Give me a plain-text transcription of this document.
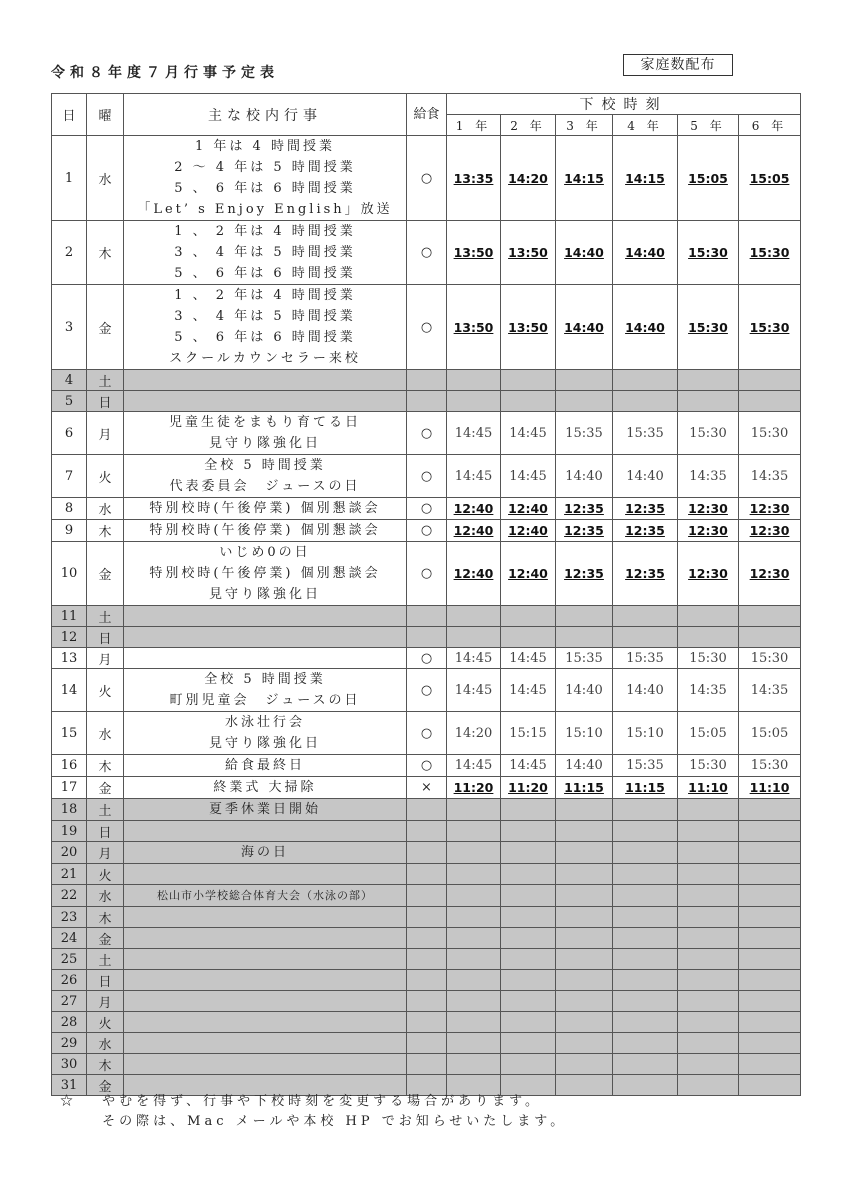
令和８年度７月行事予定表	家庭数配布
日	曜	主な校内行事	給食	下校時刻					
				1 年	2 年	3 年	4 年	5 年	6 年
1	水	1 年は 4 時間授業
2 ～ 4 年は 5 時間授業
5 、 6 年は 6 時間授業
「Let’ s Enjoy English」放送	○	13:35	14:20	14:15	14:15	15:05	15:05
2	木	1 、 2 年は 4 時間授業
3 、 4 年は 5 時間授業
5 、 6 年は 6 時間授業	○	13:50	13:50	14:40	14:40	15:30	15:30
3	金	1 、 2 年は 4 時間授業
3 、 4 年は 5 時間授業
5 、 6 年は 6 時間授業
スクールカウンセラー来校	○	13:50	13:50	14:40	14:40	15:30	15:30
4	土								
5	日								
6	月	児童生徒をまもり育てる日
見守り隊強化日	○	14:45	14:45	15:35	15:35	15:30	15:30
7	火	全校 5 時間授業
代表委員会　ジュースの日	○	14:45	14:45	14:40	14:40	14:35	14:35
8	水	特別校時(午後停業) 個別懇談会	○	12:40	12:40	12:35	12:35	12:30	12:30
9	木	特別校時(午後停業) 個別懇談会	○	12:40	12:40	12:35	12:35	12:30	12:30
10	金	いじめ0の日
特別校時(午後停業) 個別懇談会
見守り隊強化日	○	12:40	12:40	12:35	12:35	12:30	12:30
11	土								
12	日								
13	月		○	14:45	14:45	15:35	15:35	15:30	15:30
14	火	全校 5 時間授業
町別児童会　ジュースの日	○	14:45	14:45	14:40	14:40	14:35	14:35
15	水	水泳壮行会
見守り隊強化日	○	14:20	15:15	15:10	15:10	15:05	15:05
16	木	給食最終日	○	14:45	14:45	14:40	15:35	15:30	15:30
17	金	終業式 大掃除	×	11:20	11:20	11:15	11:15	11:10	11:10
18	土	夏季休業日開始							

19	日								
20	月	海の日							

21	火								
22	水	松山市小学校総合体育大会（水泳の部）							

23	木								
24	金								
25	土								
26	日								
27	月								
28	火								
29	水								
30	木								
31	金								
☆　 やむを得ず、行事や下校時刻を変更する場合があります。
　　 その際は、Mac メールや本校 HP でお知らせいたします。
